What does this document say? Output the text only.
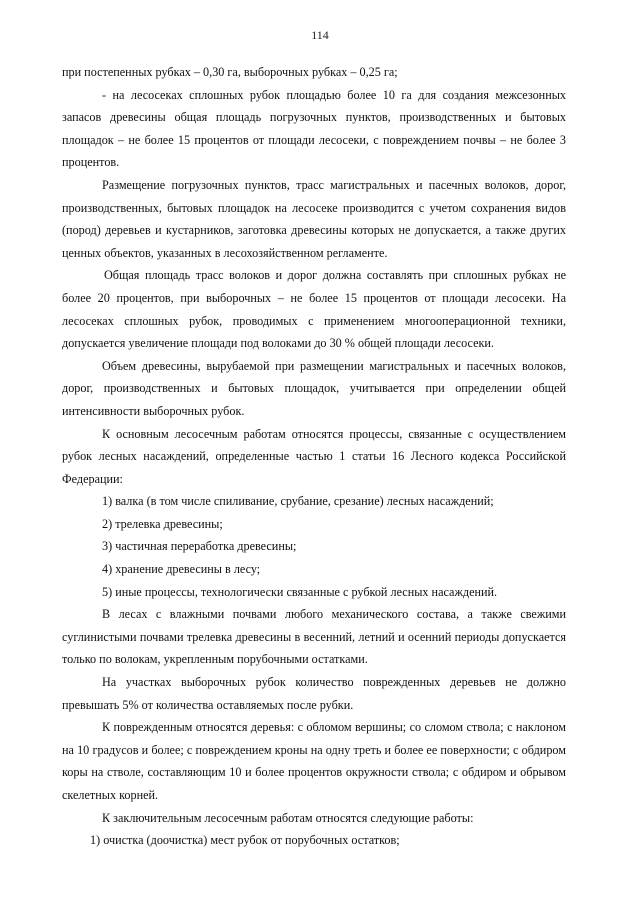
114

при постепенных рубках – 0,30 га, выборочных рубках – 0,25 га;

- на лесосеках сплошных рубок площадью более 10 га для создания межсезонных запасов древесины общая площадь погрузочных пунктов, производственных и бытовых площадок – не более 15 процентов от площади лесосеки, с повреждением почвы – не более 3 процентов.

Размещение погрузочных пунктов, трасс магистральных и пасечных волоков, дорог, производственных, бытовых площадок на лесосеке производится с учетом сохранения видов (пород) деревьев и кустарников, заготовка древесины которых не допускается, а также других ценных объектов, указанных в лесохозяйственном регламенте.

Общая площадь трасс волоков и дорог должна составлять при сплошных рубках не более 20 процентов, при выборочных – не более 15 процентов от площади лесосеки. На лесосеках сплошных рубок, проводимых с применением многооперационной техники, допускается увеличение площади под волоками до 30 % общей площади лесосеки.

Объем древесины, вырубаемой при размещении магистральных и пасечных волоков, дорог, производственных и бытовых площадок, учитывается при определении общей интенсивности выборочных рубок.

К основным лесосечным работам относятся процессы, связанные с осуществлением рубок лесных насаждений, определенные частью 1 статьи 16 Лесного кодекса Российской Федерации:

1) валка (в том числе спиливание, срубание, срезание) лесных насаждений;

2) трелевка древесины;

3) частичная переработка древесины;

4) хранение древесины в лесу;

5) иные процессы, технологически связанные с рубкой лесных насаждений.

В лесах с влажными почвами любого механического состава, а также свежими суглинистыми почвами трелевка древесины в весенний, летний и осенний периоды допускается только по волокам, укрепленным порубочными остатками.

На участках выборочных рубок количество поврежденных деревьев не должно превышать 5% от количества оставляемых после рубки.

К поврежденным относятся деревья: с обломом вершины; со сломом ствола; с наклоном на 10 градусов и более; с повреждением кроны на одну треть и более ее поверхности; с обдиром коры на стволе, составляющим 10 и более процентов окружности ствола; с обдиром и обрывом скелетных корней.

К заключительным лесосечным работам относятся следующие работы:

1) очистка (доочистка) мест рубок от порубочных остатков;
